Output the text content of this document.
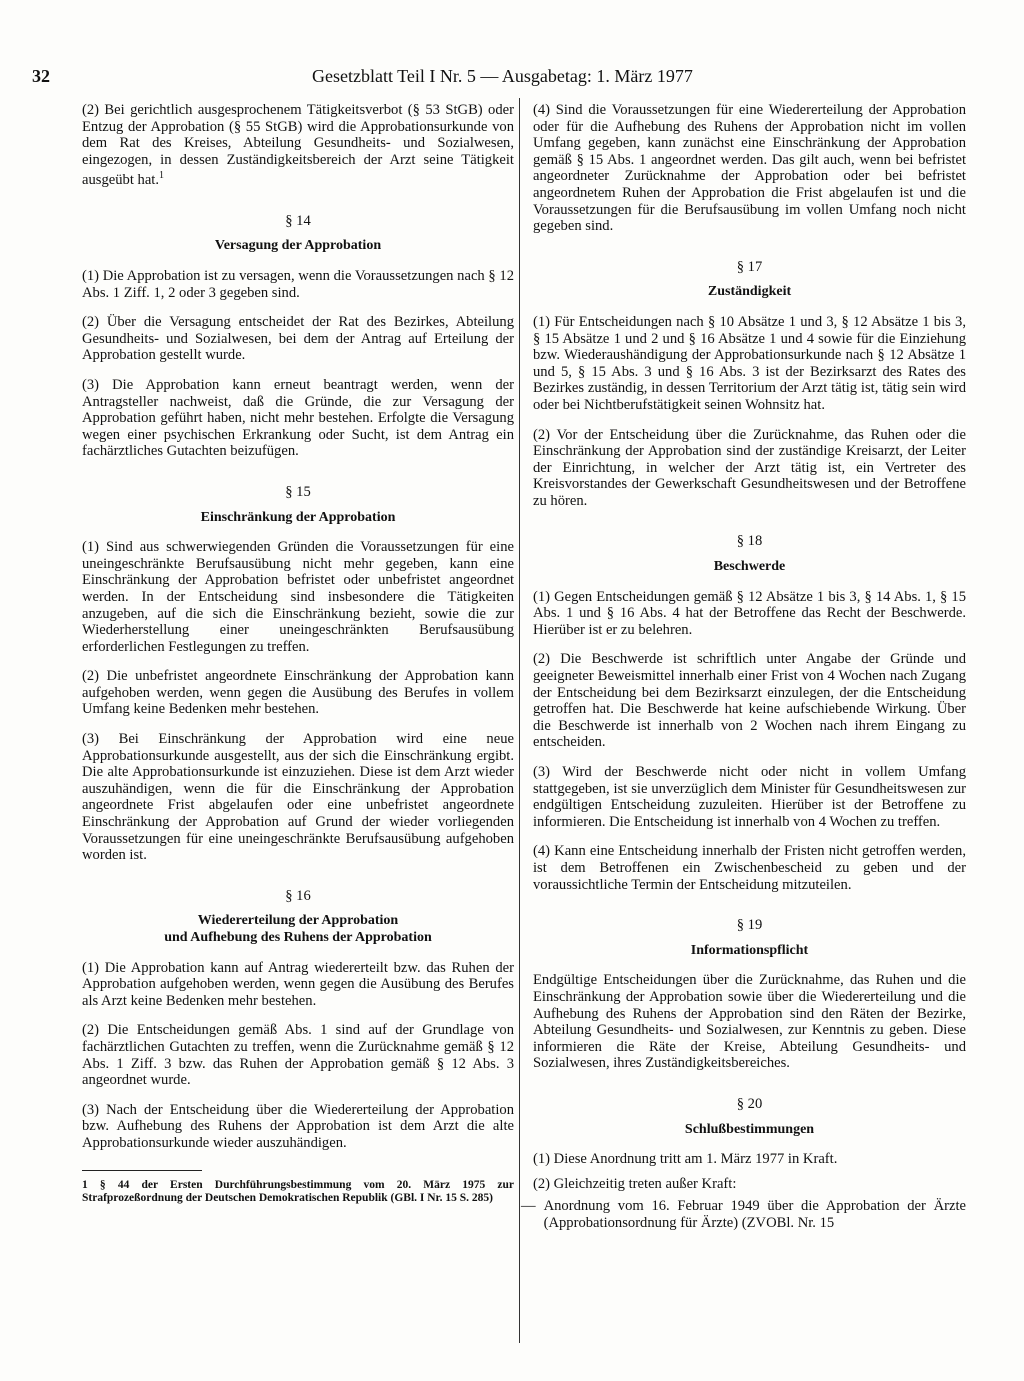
32	Gesetzblatt Teil I Nr. 5 — Ausgabetag: 1. März 1977

(2) Bei gerichtlich ausgesprochenem Tätigkeitsverbot (§ 53 StGB) oder Entzug der Approbation (§ 55 StGB) wird die Approbationsurkunde von dem Rat des Kreises, Abteilung Gesundheits- und Sozialwesen, eingezogen, in dessen Zuständigkeitsbereich der Arzt seine Tätigkeit ausgeübt hat.$^1$

§ 14
Versagung der Approbation

(1) Die Approbation ist zu versagen, wenn die Voraussetzungen nach § 12 Abs. 1 Ziff. 1, 2 oder 3 gegeben sind.

(2) Über die Versagung entscheidet der Rat des Bezirkes, Abteilung Gesundheits- und Sozialwesen, bei dem der Antrag auf Erteilung der Approbation gestellt wurde.

(3) Die Approbation kann erneut beantragt werden, wenn der Antragsteller nachweist, daß die Gründe, die zur Versagung der Approbation geführt haben, nicht mehr bestehen. Erfolgte die Versagung wegen einer psychischen Erkrankung oder Sucht, ist dem Antrag ein fachärztliches Gutachten beizufügen.

§ 15
Einschränkung der Approbation

(1) Sind aus schwerwiegenden Gründen die Voraussetzungen für eine uneingeschränkte Berufsausübung nicht mehr gegeben, kann eine Einschränkung der Approbation befristet oder unbefristet angeordnet werden. In der Entscheidung sind insbesondere die Tätigkeiten anzugeben, auf die sich die Einschränkung bezieht, sowie die zur Wiederherstellung einer uneingeschränkten Berufsausübung erforderlichen Festlegungen zu treffen.

(2) Die unbefristet angeordnete Einschränkung der Approbation kann aufgehoben werden, wenn gegen die Ausübung des Berufes in vollem Umfang keine Bedenken mehr bestehen.

(3) Bei Einschränkung der Approbation wird eine neue Approbationsurkunde ausgestellt, aus der sich die Einschränkung ergibt. Die alte Approbationsurkunde ist einzuziehen. Diese ist dem Arzt wieder auszuhändigen, wenn die für die Einschränkung der Approbation angeordnete Frist abgelaufen oder eine unbefristet angeordnete Einschränkung der Approbation auf Grund der wieder vorliegenden Voraussetzungen für eine uneingeschränkte Berufsausübung aufgehoben worden ist.

§ 16
Wiedererteilung der Approbation
und Aufhebung des Ruhens der Approbation

(1) Die Approbation kann auf Antrag wiedererteilt bzw. das Ruhen der Approbation aufgehoben werden, wenn gegen die Ausübung des Berufes als Arzt keine Bedenken mehr bestehen.

(2) Die Entscheidungen gemäß Abs. 1 sind auf der Grundlage von fachärztlichen Gutachten zu treffen, wenn die Zurücknahme gemäß § 12 Abs. 1 Ziff. 3 bzw. das Ruhen der Approbation gemäß § 12 Abs. 3 angeordnet wurde.

(3) Nach der Entscheidung über die Wiedererteilung der Approbation bzw. Aufhebung des Ruhens der Approbation ist dem Arzt die alte Approbationsurkunde wieder auszuhändigen.

1 § 44 der Ersten Durchführungsbestimmung vom 20. März 1975 zur Strafprozeßordnung der Deutschen Demokratischen Republik (GBl. I Nr. 15 S. 285)

(4) Sind die Voraussetzungen für eine Wiedererteilung der Approbation oder für die Aufhebung des Ruhens der Approbation nicht im vollen Umfang gegeben, kann zunächst eine Einschränkung der Approbation gemäß § 15 Abs. 1 angeordnet werden. Das gilt auch, wenn bei befristet angeordneter Zurücknahme der Approbation oder bei befristet angeordnetem Ruhen der Approbation die Frist abgelaufen ist und die Voraussetzungen für die Berufsausübung im vollen Umfang noch nicht gegeben sind.

§ 17
Zuständigkeit

(1) Für Entscheidungen nach § 10 Absätze 1 und 3, § 12 Absätze 1 bis 3, § 15 Absätze 1 und 2 und § 16 Absätze 1 und 4 sowie für die Einziehung bzw. Wiederaushändigung der Approbationsurkunde nach § 12 Absätze 1 und 5, § 15 Abs. 3 und § 16 Abs. 3 ist der Bezirksarzt des Rates des Bezirkes zuständig, in dessen Territorium der Arzt tätig ist, tätig sein wird oder bei Nichtberufstätigkeit seinen Wohnsitz hat.

(2) Vor der Entscheidung über die Zurücknahme, das Ruhen oder die Einschränkung der Approbation sind der zuständige Kreisarzt, der Leiter der Einrichtung, in welcher der Arzt tätig ist, ein Vertreter des Kreisvorstandes der Gewerkschaft Gesundheitswesen und der Betroffene zu hören.

§ 18
Beschwerde

(1) Gegen Entscheidungen gemäß § 12 Absätze 1 bis 3, § 14 Abs. 1, § 15 Abs. 1 und § 16 Abs. 4 hat der Betroffene das Recht der Beschwerde. Hierüber ist er zu belehren.

(2) Die Beschwerde ist schriftlich unter Angabe der Gründe und geeigneter Beweismittel innerhalb einer Frist von 4 Wochen nach Zugang der Entscheidung bei dem Bezirksarzt einzulegen, der die Entscheidung getroffen hat. Die Beschwerde hat keine aufschiebende Wirkung. Über die Beschwerde ist innerhalb von 2 Wochen nach ihrem Eingang zu entscheiden.

(3) Wird der Beschwerde nicht oder nicht in vollem Umfang stattgegeben, ist sie unverzüglich dem Minister für Gesundheitswesen zur endgültigen Entscheidung zuzuleiten. Hierüber ist der Betroffene zu informieren. Die Entscheidung ist innerhalb von 4 Wochen zu treffen.

(4) Kann eine Entscheidung innerhalb der Fristen nicht getroffen werden, ist dem Betroffenen ein Zwischenbescheid zu geben und der voraussichtliche Termin der Entscheidung mitzuteilen.

§ 19
Informationspflicht

Endgültige Entscheidungen über die Zurücknahme, das Ruhen und die Einschränkung der Approbation sowie über die Wiedererteilung und die Aufhebung des Ruhens der Approbation sind den Räten der Bezirke, Abteilung Gesundheits- und Sozialwesen, zur Kenntnis zu geben. Diese informieren die Räte der Kreise, Abteilung Gesundheits- und Sozialwesen, ihres Zuständigkeitsbereiches.

§ 20
Schlußbestimmungen

(1) Diese Anordnung tritt am 1. März 1977 in Kraft.

(2) Gleichzeitig treten außer Kraft:

— Anordnung vom 16. Februar 1949 über die Approbation der Ärzte (Approbationsordnung für Ärzte) (ZVOBl. Nr. 15
